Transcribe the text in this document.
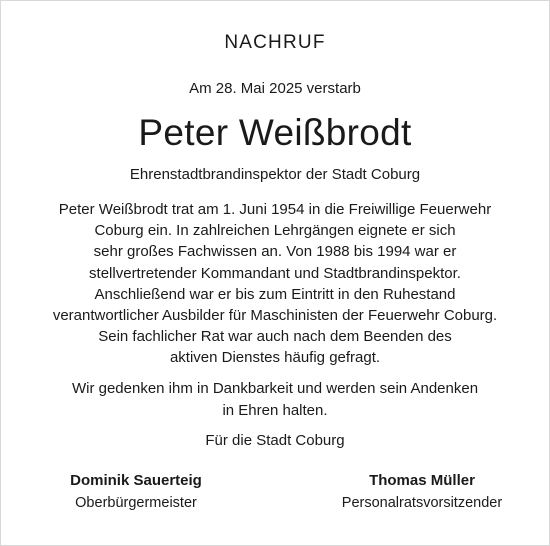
NACHRUF
Am 28. Mai 2025 verstarb
Peter Weißbrodt
Ehrenstadtbrandinspektor der Stadt Coburg
Peter Weißbrodt trat am 1. Juni 1954 in die Freiwillige Feuerwehr
Coburg ein. In zahlreichen Lehrgängen eignete er sich
sehr großes Fachwissen an. Von 1988 bis 1994 war er
stellvertretender Kommandant und Stadtbrandinspektor.
Anschließend war er bis zum Eintritt in den Ruhestand
verantwortlicher Ausbilder für Maschinisten der Feuerwehr Coburg.
Sein fachlicher Rat war auch nach dem Beenden des
aktiven Dienstes häufig gefragt.
Wir gedenken ihm in Dankbarkeit und werden sein Andenken
in Ehren halten.
Für die Stadt Coburg
Dominik Sauerteig
Oberbürgermeister
Thomas Müller
Personalratsvorsitzender
